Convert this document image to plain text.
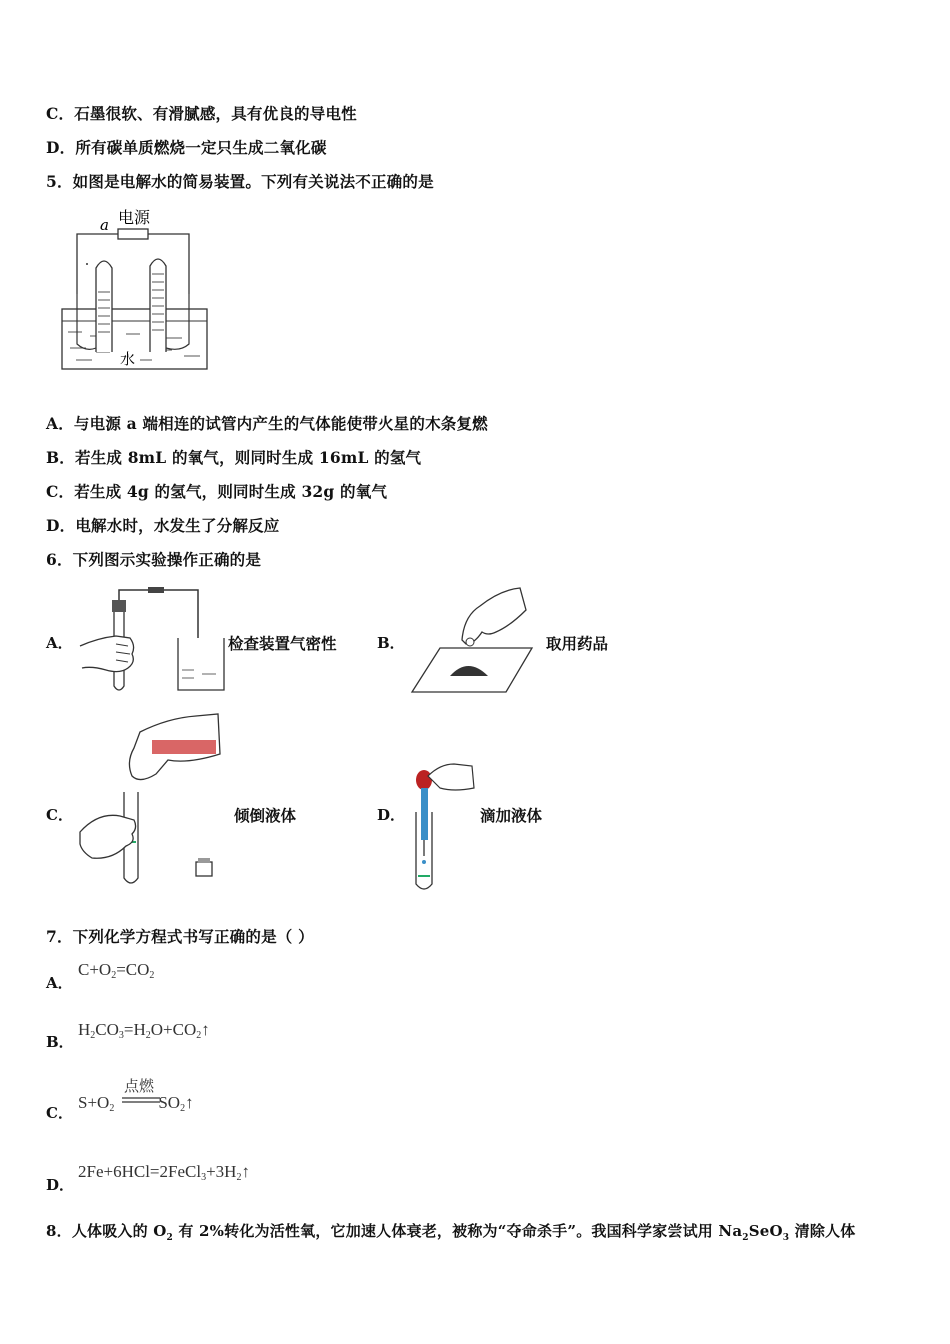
C．石墨很软、有滑腻感，具有优良的导电性
D．所有碳单质燃烧一定只生成二氧化碳
5．如图是电解水的简易装置。下列有关说法不正确的是
a 电源
水
A．与电源 a 端相连的试管内产生的气体能使带火星的木条复燃
B．若生成 8mL 的氧气，则同时生成 16mL 的氢气
C．若生成 4g 的氢气，则同时生成 32g 的氧气
D．电解水时，水发生了分解反应
6．下列图示实验操作正确的是
A．	检查装置气密性	B．	取用药品
C．	倾倒液体	D．	滴加液体
7．下列化学方程式书写正确的是（ ）
A．
$C+O_2=CO_2$
B．
$H_2CO_3=H_2O+CO_2↑$
C．
点燃
$S+O_2$	$SO_2↑$
D．
$2Fe+6HCl=2FeCl_3+3H_2↑$
8．人体吸入的 $O_2$ 有 2%转化为活性氧，它加速人体衰老，被称为“夺命杀手”。我国科学家尝试用 $Na_2SeO_3$ 清除人体
